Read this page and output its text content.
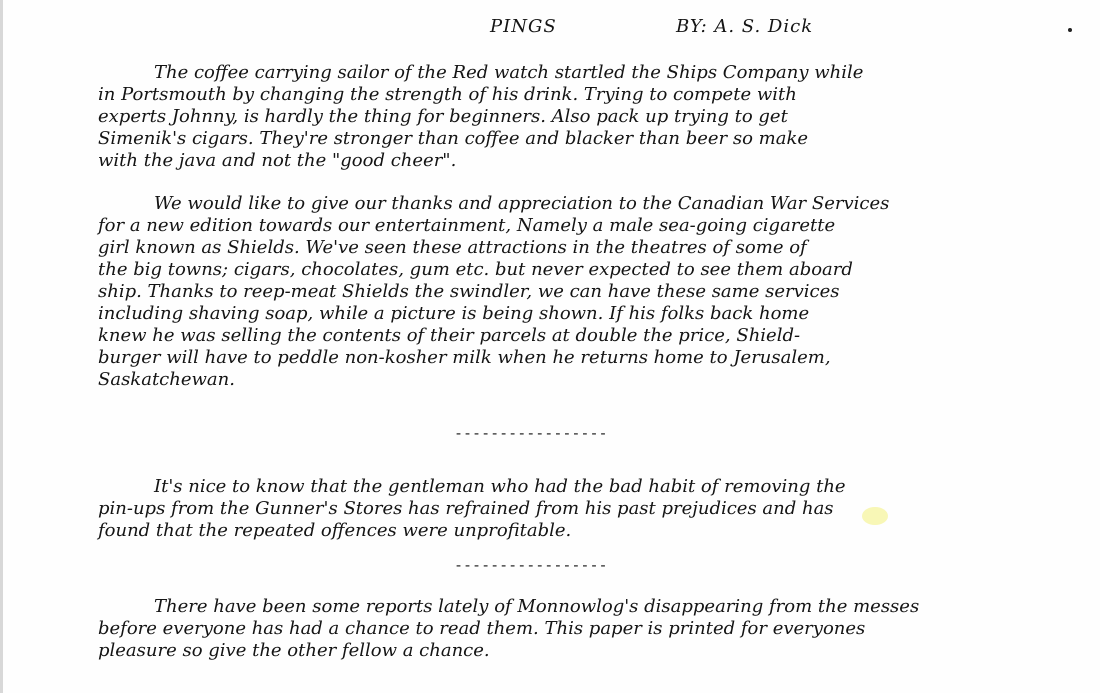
PINGS	BY: A. S. Dick
The coffee carrying sailor of the Red watch startled the Ships Company while
in Portsmouth by changing the strength of his drink. Trying to compete with
experts Johnny, is hardly the thing for beginners. Also pack up trying to get
Simenik's cigars. They're stronger than coffee and blacker than beer so make
with the java and not the "good cheer".
We would like to give our thanks and appreciation to the Canadian War Services
for a new edition towards our entertainment, Namely a male sea-going cigarette
girl known as Shields. We've seen these attractions in the theatres of some of
the big towns; cigars, chocolates, gum etc. but never expected to see them aboard
ship. Thanks to reep-meat Shields the swindler, we can have these same services
including shaving soap, while a picture is being shown. If his folks back home
knew he was selling the contents of their parcels at double the price, Shield-
burger will have to peddle non-kosher milk when he returns home to Jerusalem,
Saskatchewan.
-----------------
It's nice to know that the gentleman who had the bad habit of removing the
pin-ups from the Gunner's Stores has refrained from his past prejudices and has
found that the repeated offences were unprofitable.
-----------------
There have been some reports lately of Monnowlog's disappearing from the messes
before everyone has had a chance to read them. This paper is printed for everyones
pleasure so give the other fellow a chance.
